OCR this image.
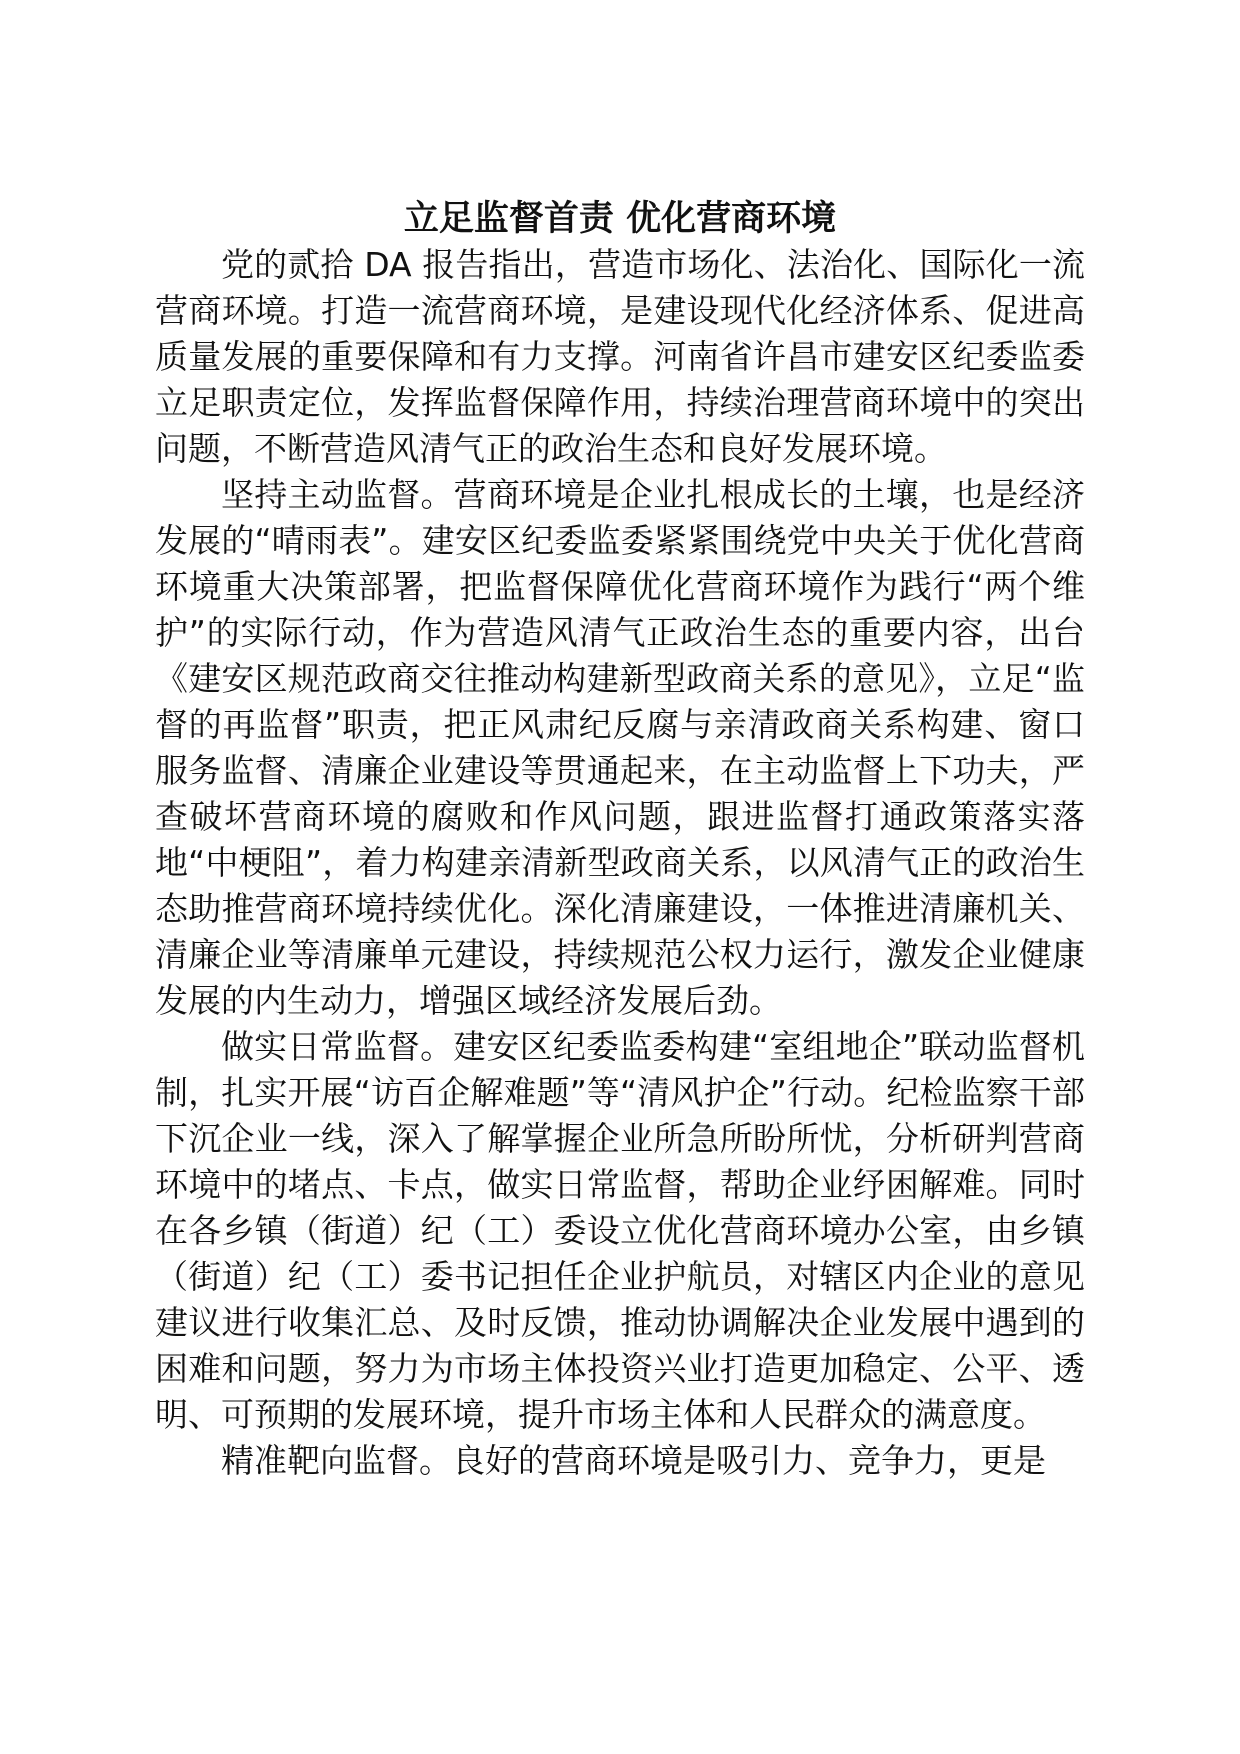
立足监督首责 优化营商环境

党的贰拾 DA 报告指出，营造市场化、法治化、国际化一流营商环境。打造一流营商环境，是建设现代化经济体系、促进高质量发展的重要保障和有力支撑。河南省许昌市建安区纪委监委立足职责定位，发挥监督保障作用，持续治理营商环境中的突出问题，不断营造风清气正的政治生态和良好发展环境。

坚持主动监督。营商环境是企业扎根成长的土壤，也是经济发展的“晴雨表”。建安区纪委监委紧紧围绕党中央关于优化营商环境重大决策部署，把监督保障优化营商环境作为践行“两个维护”的实际行动，作为营造风清气正政治生态的重要内容，出台《建安区规范政商交往推动构建新型政商关系的意见》，立足“监督的再监督”职责，把正风肃纪反腐与亲清政商关系构建、窗口服务监督、清廉企业建设等贯通起来，在主动监督上下功夫，严查破坏营商环境的腐败和作风问题，跟进监督打通政策落实落地“中梗阻”，着力构建亲清新型政商关系，以风清气正的政治生态助推营商环境持续优化。深化清廉建设，一体推进清廉机关、清廉企业等清廉单元建设，持续规范公权力运行，激发企业健康发展的内生动力，增强区域经济发展后劲。

做实日常监督。建安区纪委监委构建“室组地企”联动监督机制，扎实开展“访百企解难题”等“清风护企”行动。纪检监察干部下沉企业一线，深入了解掌握企业所急所盼所忧，分析研判营商环境中的堵点、卡点，做实日常监督，帮助企业纾困解难。同时在各乡镇（街道）纪（工）委设立优化营商环境办公室，由乡镇（街道）纪（工）委书记担任企业护航员，对辖区内企业的意见建议进行收集汇总、及时反馈，推动协调解决企业发展中遇到的困难和问题，努力为市场主体投资兴业打造更加稳定、公平、透明、可预期的发展环境，提升市场主体和人民群众的满意度。

精准靶向监督。良好的营商环境是吸引力、竞争力，更是
